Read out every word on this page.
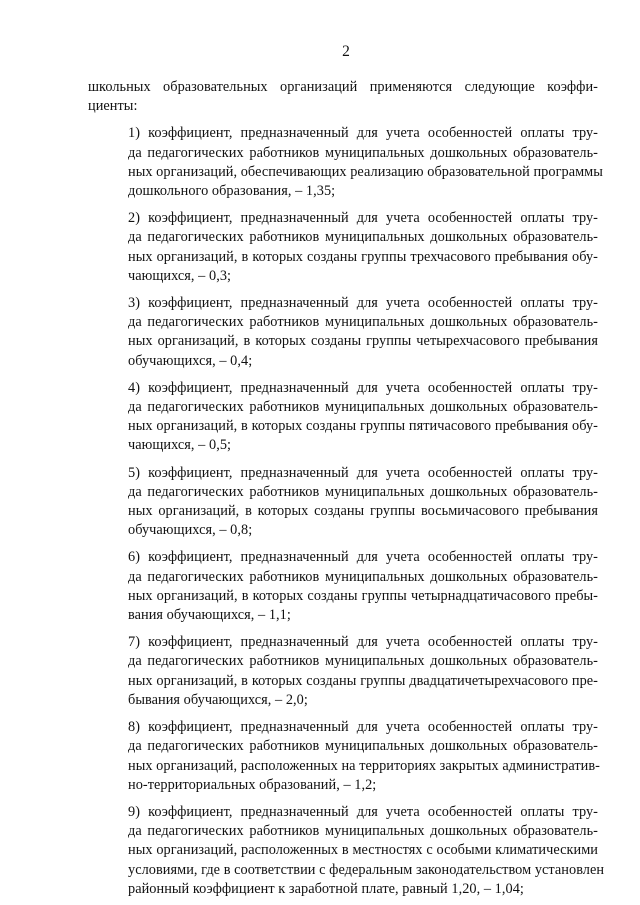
2
школьных образовательных организаций применяются следующие коэффи-
циенты:
1) коэффициент, предназначенный для учета особенностей оплаты тру-
да педагогических работников муниципальных дошкольных образователь-
ных организаций, обеспечивающих реализацию образовательной программы
дошкольного образования, – 1,35;
2) коэффициент, предназначенный для учета особенностей оплаты тру-
да педагогических работников муниципальных дошкольных образователь-
ных организаций, в которых созданы группы трехчасового пребывания обу-
чающихся, – 0,3;
3) коэффициент, предназначенный для учета особенностей оплаты тру-
да педагогических работников муниципальных дошкольных образователь-
ных организаций, в которых созданы группы четырехчасового пребывания
обучающихся, – 0,4;
4) коэффициент, предназначенный для учета особенностей оплаты тру-
да педагогических работников муниципальных дошкольных образователь-
ных организаций, в которых созданы группы пятичасового пребывания обу-
чающихся, – 0,5;
5) коэффициент, предназначенный для учета особенностей оплаты тру-
да педагогических работников муниципальных дошкольных образователь-
ных организаций, в которых созданы группы восьмичасового пребывания
обучающихся, – 0,8;
6) коэффициент, предназначенный для учета особенностей оплаты тру-
да педагогических работников муниципальных дошкольных образователь-
ных организаций, в которых созданы группы четырнадцатичасового пребы-
вания обучающихся, – 1,1;
7) коэффициент, предназначенный для учета особенностей оплаты тру-
да педагогических работников муниципальных дошкольных образователь-
ных организаций, в которых созданы группы двадцатичетырехчасового пре-
бывания обучающихся, – 2,0;
8) коэффициент, предназначенный для учета особенностей оплаты тру-
да педагогических работников муниципальных дошкольных образователь-
ных организаций, расположенных на территориях закрытых административ-
но-территориальных образований, – 1,2;
9) коэффициент, предназначенный для учета особенностей оплаты тру-
да педагогических работников муниципальных дошкольных образователь-
ных организаций, расположенных в местностях с особыми климатическими
условиями, где в соответствии с федеральным законодательством установлен
районный коэффициент к заработной плате, равный 1,20, – 1,04;
